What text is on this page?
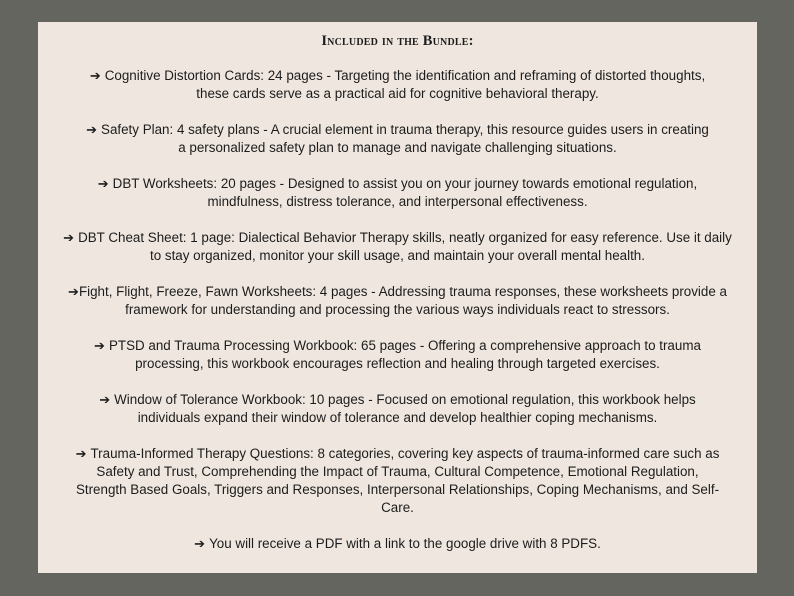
Included in the Bundle:

➔ Cognitive Distortion Cards: 24 pages - Targeting the identification and reframing of distorted thoughts, these cards serve as a practical aid for cognitive behavioral therapy.

➔ Safety Plan: 4 safety plans - A crucial element in trauma therapy, this resource guides users in creating a personalized safety plan to manage and navigate challenging situations.

➔ DBT Worksheets: 20 pages - Designed to assist you on your journey towards emotional regulation, mindfulness, distress tolerance, and interpersonal effectiveness.

➔ DBT Cheat Sheet: 1 page: Dialectical Behavior Therapy skills, neatly organized for easy reference. Use it daily to stay organized, monitor your skill usage, and maintain your overall mental health.

➔Fight, Flight, Freeze, Fawn Worksheets: 4 pages - Addressing trauma responses, these worksheets provide a framework for understanding and processing the various ways individuals react to stressors.

➔ PTSD and Trauma Processing Workbook: 65 pages - Offering a comprehensive approach to trauma processing, this workbook encourages reflection and healing through targeted exercises.

➔ Window of Tolerance Workbook: 10 pages - Focused on emotional regulation, this workbook helps individuals expand their window of tolerance and develop healthier coping mechanisms.

➔ Trauma-Informed Therapy Questions: 8 categories, covering key aspects of trauma-informed care such as Safety and Trust, Comprehending the Impact of Trauma, Cultural Competence, Emotional Regulation, Strength Based Goals, Triggers and Responses, Interpersonal Relationships, Coping Mechanisms, and Self-Care.

➔ You will receive a PDF with a link to the google drive with 8 PDFS.
